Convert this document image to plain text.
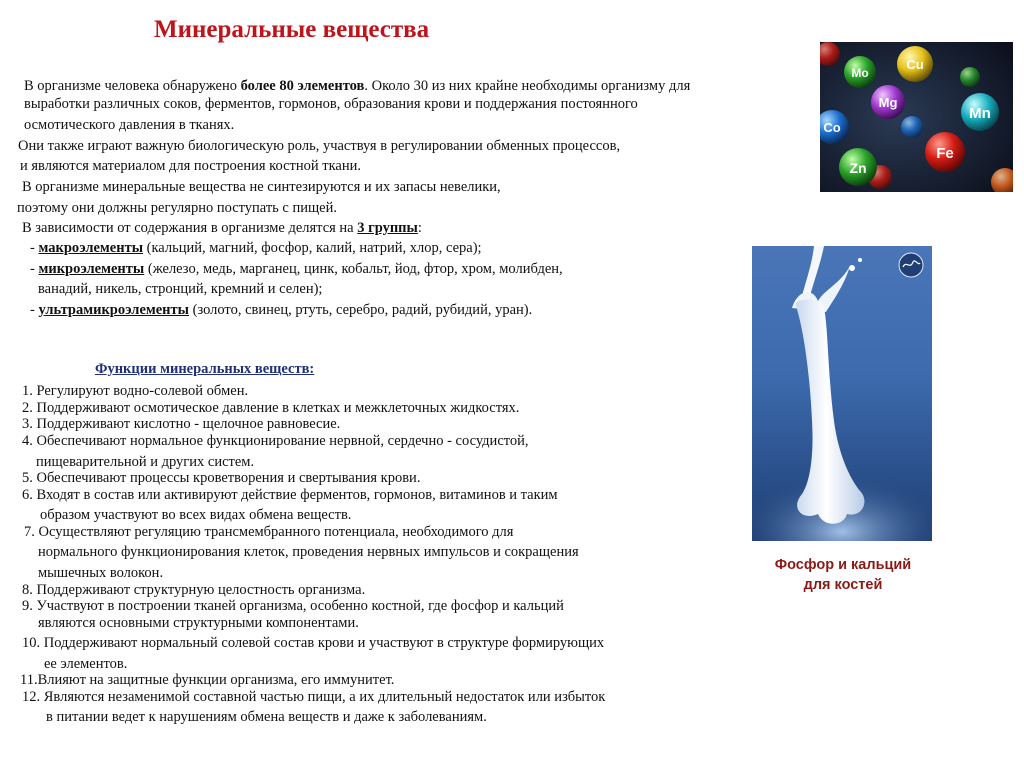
Минеральные вещества
В организме человека обнаружено более 80 элементов. Около 30 из них крайне необходимы организму для
выработки различных соков, ферментов, гормонов, образования крови и поддержания постоянного
осмотического давления в тканях.
Они также играют важную биологическую роль, участвуя в регулировании обменных процессов,
и являются материалом для построения костной ткани.
В организме минеральные вещества не синтезируются и их запасы невелики,
поэтому они должны регулярно поступать с пищей.
В зависимости от содержания в организме делятся на 3 группы:
- макроэлементы (кальций, магний, фосфор, калий, натрий, хлор, сера);
- микроэлементы (железо, медь, марганец, цинк, кобальт, йод, фтор, хром, молибден,
ванадий, никель, стронций, кремний и селен);
- ультрамикроэлементы (золото, свинец, ртуть, серебро, радий, рубидий, уран).
Функции минеральных веществ:
1. Регулируют водно-солевой обмен.
2. Поддерживают осмотическое давление в клетках и межклеточных жидкостях.
3. Поддерживают кислотно - щелочное равновесие.
4. Обеспечивают нормальное функционирование нервной, сердечно - сосудистой,
пищеварительной и других систем.
5. Обеспечивают процессы кроветворения и свертывания крови.
6. Входят в состав или активируют действие ферментов, гормонов, витаминов и таким
образом участвуют во всех видах обмена веществ.
7. Осуществляют регуляцию трансмембранного потенциала, необходимого для
нормального функционирования клеток, проведения нервных импульсов и сокращения
мышечных волокон.
8. Поддерживают структурную целостность организма.
9. Участвуют в построении тканей организма, особенно костной, где фосфор и кальций
являются основными структурными компонентами.
10. Поддерживают нормальный солевой состав крови и участвуют в структуре формирующих
ее элементов.
11.Влияют на защитные функции организма, его иммунитет.
12. Являются незаменимой составной частью пищи, а их длительный недостаток или избыток
в питании ведет к нарушениям обмена веществ и даже к заболеваниям.
Mo
Cu
Mg
Mn
Co
Zn
Fe
Фосфор и кальций
для костей
